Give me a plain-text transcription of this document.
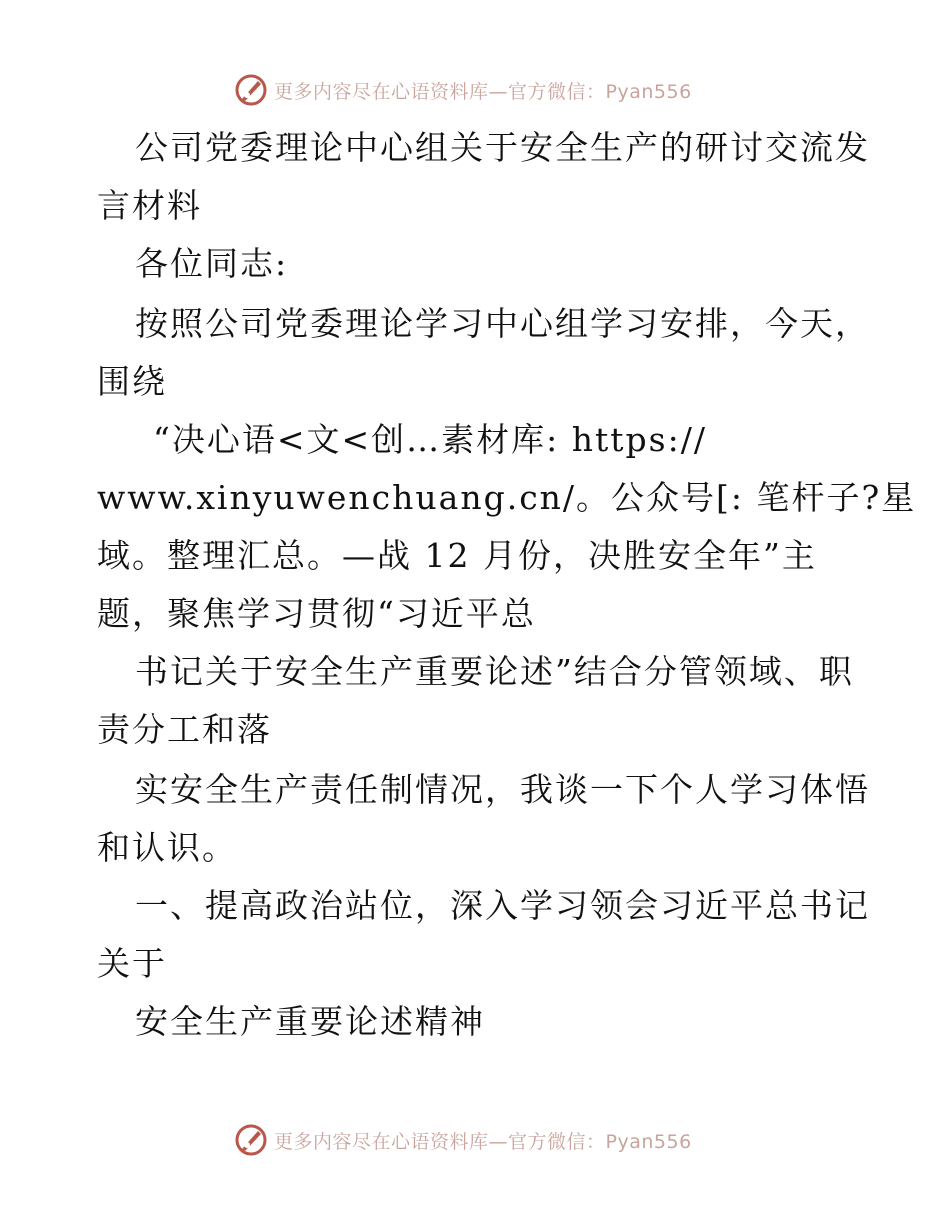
更多内容尽在心语资料库—官方微信：Pyan556
公司党委理论中心组关于安全生产的研讨交流发
言材料
各位同志:
按照公司党委理论学习中心组学习安排，今天，
围绕
“决心语<文<创…素材库: https://
www.xinyuwenchuang.cn/。公众号[: 笔杆子?星
域。整理汇总。—战 12 月份，决胜安全年”主
题，聚焦学习贯彻“习近平总
书记关于安全生产重要论述”结合分管领域、职
责分工和落
实安全生产责任制情况，我谈一下个人学习体悟
和认识。
一、提高政治站位，深入学习领会习近平总书记
关于
安全生产重要论述精神
更多内容尽在心语资料库—官方微信：Pyan556
